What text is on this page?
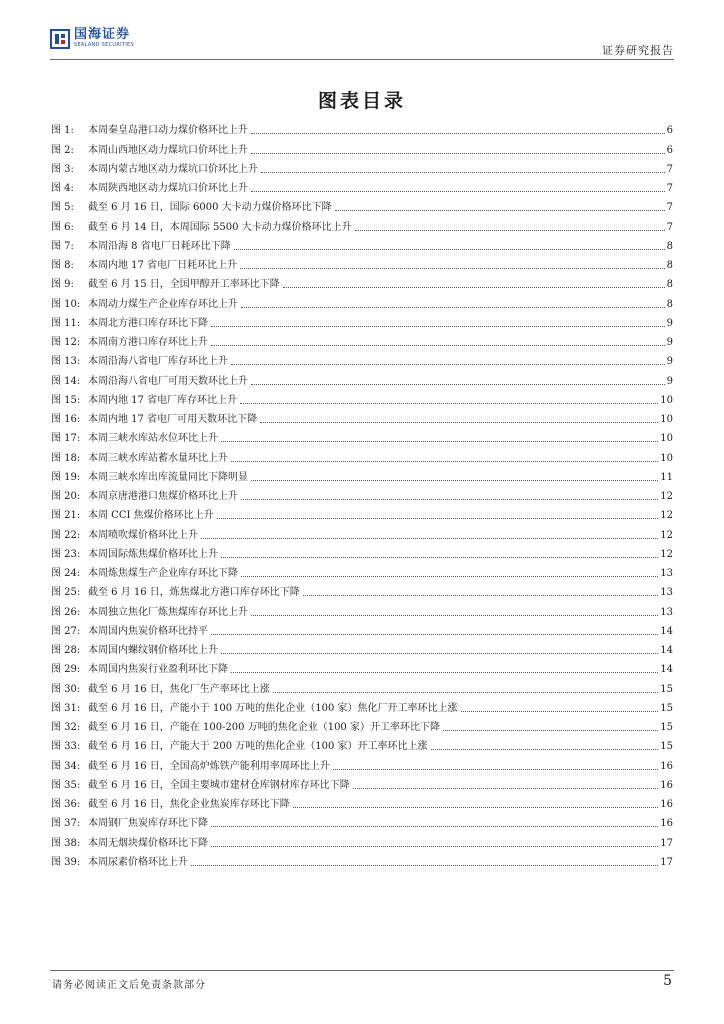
国海证券
SEALAND SECURITIES	证券研究报告
图表目录
图 1:	本周秦皇岛港口动力煤价格环比上升	6
图 2:	本周山西地区动力煤坑口价环比上升	6
图 3:	本周内蒙古地区动力煤坑口价环比上升	7
图 4:	本周陕西地区动力煤坑口价环比上升	7
图 5:	截至 6 月 16 日，国际 6000 大卡动力煤价格环比下降	7
图 6:	截至 6 月 14 日，本周国际 5500 大卡动力煤价格环比上升	7
图 7:	本周沿海 8 省电厂日耗环比下降	8
图 8:	本周内地 17 省电厂日耗环比上升	8
图 9:	截至 6 月 15 日，全国甲醇开工率环比下降	8
图 10: 本周动力煤生产企业库存环比上升	8
图 11: 本周北方港口库存环比下降	9
图 12: 本周南方港口库存环比上升	9
图 13: 本周沿海八省电厂库存环比上升	9
图 14: 本周沿海八省电厂可用天数环比上升	9
图 15: 本周内地 17 省电厂库存环比上升	10
图 16: 本周内地 17 省电厂可用天数环比下降	10
图 17: 本周三峡水库站水位环比上升	10
图 18: 本周三峡水库站蓄水量环比上升	10
图 19: 本周三峡水库出库流量同比下降明显	11
图 20: 本周京唐港港口焦煤价格环比上升	12
图 21: 本周 CCI 焦煤价格环比上升	12
图 22: 本周喷吹煤价格环比上升	12
图 23: 本周国际炼焦煤价格环比上升	12
图 24: 本周炼焦煤生产企业库存环比下降	13
图 25: 截至 6 月 16 日，炼焦煤北方港口库存环比下降	13
图 26: 本周独立焦化厂炼焦煤库存环比上升	13
图 27: 本周国内焦炭价格环比持平	14
图 28: 本周国内螺纹钢价格环比上升	14
图 29: 本周国内焦炭行业盈利环比下降	14
图 30: 截至 6 月 16 日，焦化厂生产率环比上涨	15
图 31: 截至 6 月 16 日，产能小于 100 万吨的焦化企业（100 家）焦化厂开工率环比上涨	15
图 32: 截至 6 月 16 日，产能在 100-200 万吨的焦化企业（100 家）开工率环比下降	15
图 33: 截至 6 月 16 日，产能大于 200 万吨的焦化企业（100 家）开工率环比上涨	15
图 34: 截至 6 月 16 日，全国高炉炼铁产能利用率周环比上升	16
图 35: 截至 6 月 16 日，全国主要城市建材仓库钢材库存环比下降	16
图 36: 截至 6 月 16 日，焦化企业焦炭库存环比下降	16
图 37: 本周钢厂焦炭库存环比下降	16
图 38: 本周无烟块煤价格环比下降	17
图 39: 本周尿素价格环比上升	17
请务必阅读正文后免责条款部分	5
